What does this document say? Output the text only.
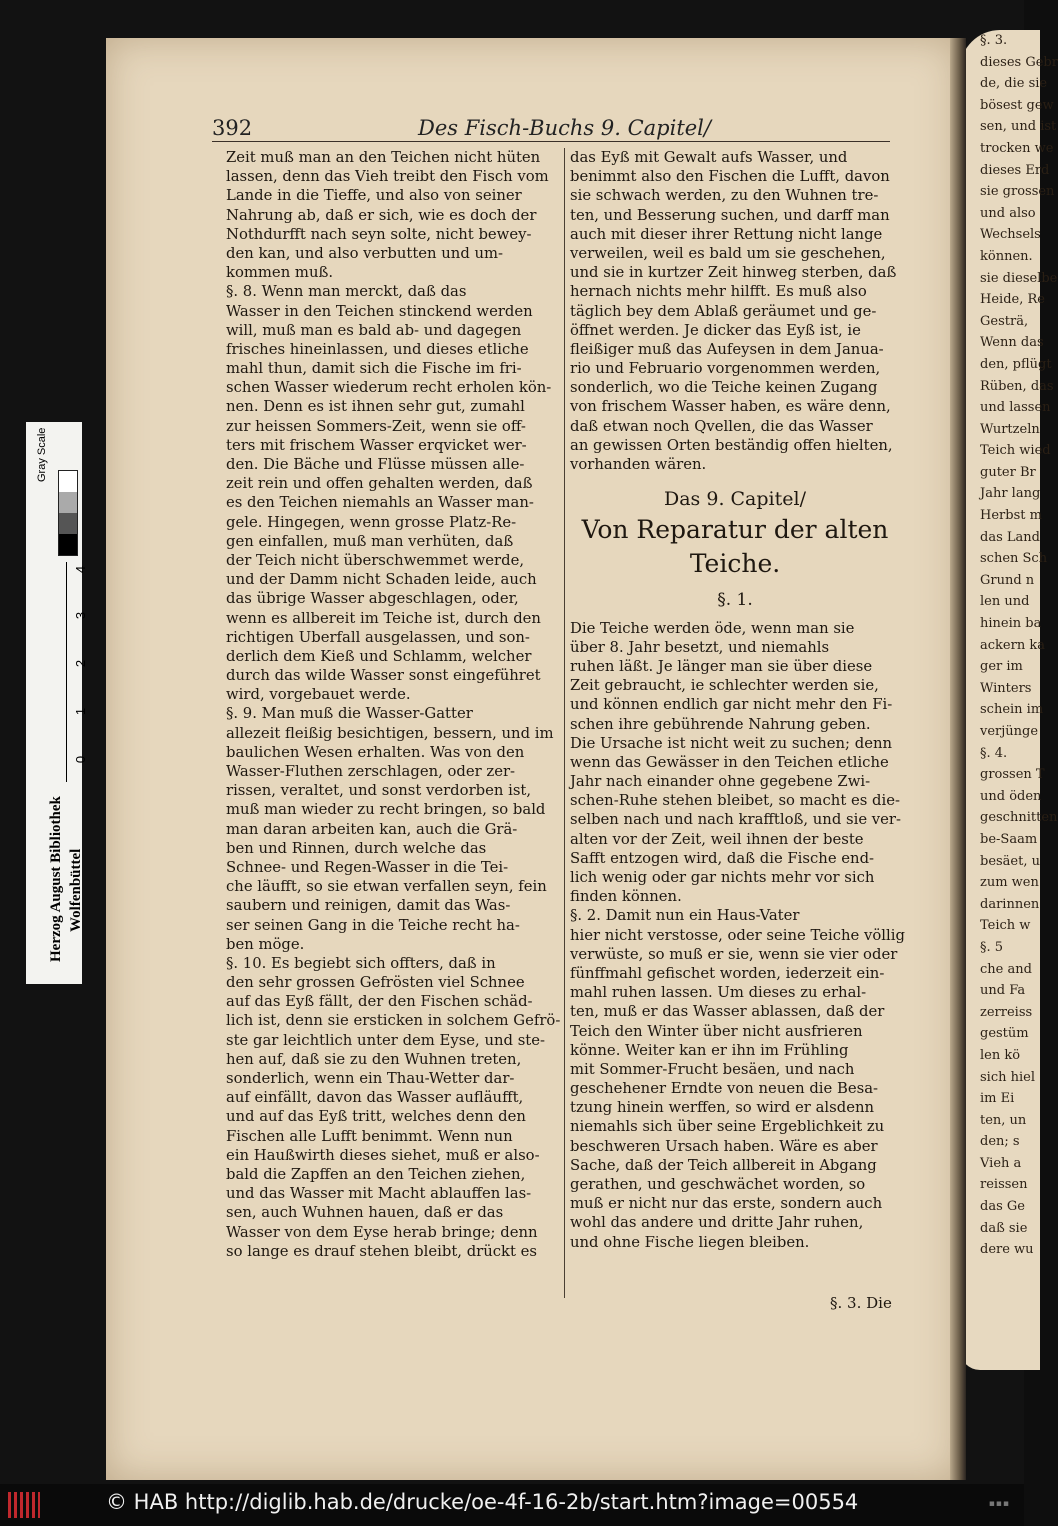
§. 3.
dieses Gebr
de, die sie
bösest gew
sen, und ist
trocken we
dieses Erd
sie grossen
und also
Wechsels
können.
sie dieselbe
Heide, Re
Gesträ,
Wenn das
den, pflügt
Rüben, das
und lassen
Wurtzeln
Teich wied
guter Br
Jahr lang
Herbst m
das Land
schen Sch
Grund n
len und
hinein ba
ackern ka
ger im
Winters
schein im
verjünge
§. 4.
grossen T
und öden
geschnitten
be-Saam
besäet, u
zum wen
darinnen
Teich w
§. 5
che and
und Fa
zerreiss
gestüm
len kö
sich hiel
im Ei
ten, un
den; s
Vieh a
reissen
das Ge
daß sie
dere wu
392	Des Fisch-Buchs 9. Capitel/
Zeit muß man an den Teichen nicht hüten
lassen, denn das Vieh treibt den Fisch vom
Lande in die Tieffe, und also von seiner
Nahrung ab, daß er sich, wie es doch der
Nothdurfft nach seyn solte, nicht bewey-
den kan, und also verbutten und um-
kommen muß.
§. 8. Wenn man merckt, daß das
Wasser in den Teichen stinckend werden
will, muß man es bald ab- und dagegen
frisches hineinlassen, und dieses etliche
mahl thun, damit sich die Fische im fri-
schen Wasser wiederum recht erholen kön-
nen. Denn es ist ihnen sehr gut, zumahl
zur heissen Sommers-Zeit, wenn sie off-
ters mit frischem Wasser erqvicket wer-
den. Die Bäche und Flüsse müssen alle-
zeit rein und offen gehalten werden, daß
es den Teichen niemahls an Wasser man-
gele. Hingegen, wenn grosse Platz-Re-
gen einfallen, muß man verhüten, daß
der Teich nicht überschwemmet werde,
und der Damm nicht Schaden leide, auch
das übrige Wasser abgeschlagen, oder,
wenn es allbereit im Teiche ist, durch den
richtigen Uberfall ausgelassen, und son-
derlich dem Kieß und Schlamm, welcher
durch das wilde Wasser sonst eingeführet
wird, vorgebauet werde.
§. 9. Man muß die Wasser-Gatter
allezeit fleißig besichtigen, bessern, und im
baulichen Wesen erhalten. Was von den
Wasser-Fluthen zerschlagen, oder zer-
rissen, veraltet, und sonst verdorben ist,
muß man wieder zu recht bringen, so bald
man daran arbeiten kan, auch die Grä-
ben und Rinnen, durch welche das
Schnee- und Regen-Wasser in die Tei-
che läufft, so sie etwan verfallen seyn, fein
saubern und reinigen, damit das Was-
ser seinen Gang in die Teiche recht ha-
ben möge.
§. 10. Es begiebt sich offters, daß in
den sehr grossen Gefrösten viel Schnee
auf das Eyß fällt, der den Fischen schäd-
lich ist, denn sie ersticken in solchem Gefrö-
ste gar leichtlich unter dem Eyse, und ste-
hen auf, daß sie zu den Wuhnen treten,
sonderlich, wenn ein Thau-Wetter dar-
auf einfällt, davon das Wasser aufläufft,
und auf das Eyß tritt, welches denn den
Fischen alle Lufft benimmt. Wenn nun
ein Haußwirth dieses siehet, muß er also-
bald die Zapffen an den Teichen ziehen,
und das Wasser mit Macht ablauffen las-
sen, auch Wuhnen hauen, daß er das
Wasser von dem Eyse herab bringe; denn
so lange es drauf stehen bleibt, drückt es
das Eyß mit Gewalt aufs Wasser, und
benimmt also den Fischen die Lufft, davon
sie schwach werden, zu den Wuhnen tre-
ten, und Besserung suchen, und darff man
auch mit dieser ihrer Rettung nicht lange
verweilen, weil es bald um sie geschehen,
und sie in kurtzer Zeit hinweg sterben, daß
hernach nichts mehr hilfft. Es muß also
täglich bey dem Ablaß geräumet und ge-
öffnet werden. Je dicker das Eyß ist, ie
fleißiger muß das Aufeysen in dem Janua-
rio und Februario vorgenommen werden,
sonderlich, wo die Teiche keinen Zugang
von frischem Wasser haben, es wäre denn,
daß etwan noch Qvellen, die das Wasser
an gewissen Orten beständig offen hielten,
vorhanden wären.
Das 9. Capitel/
Von Reparatur der alten
Teiche.
§. 1.
Die Teiche werden öde, wenn man sie
über 8. Jahr besetzt, und niemahls
ruhen läßt. Je länger man sie über diese
Zeit gebraucht, ie schlechter werden sie,
und können endlich gar nicht mehr den Fi-
schen ihre gebührende Nahrung geben.
Die Ursache ist nicht weit zu suchen; denn
wenn das Gewässer in den Teichen etliche
Jahr nach einander ohne gegebene Zwi-
schen-Ruhe stehen bleibet, so macht es die-
selben nach und nach krafftloß, und sie ver-
alten vor der Zeit, weil ihnen der beste
Safft entzogen wird, daß die Fische end-
lich wenig oder gar nichts mehr vor sich
finden können.
§. 2. Damit nun ein Haus-Vater
hier nicht verstosse, oder seine Teiche völlig
verwüste, so muß er sie, wenn sie vier oder
fünffmahl gefischet worden, iederzeit ein-
mahl ruhen lassen. Um dieses zu erhal-
ten, muß er das Wasser ablassen, daß der
Teich den Winter über nicht ausfrieren
könne. Weiter kan er ihn im Frühling
mit Sommer-Frucht besäen, und nach
geschehener Erndte von neuen die Besa-
tzung hinein werffen, so wird er alsdenn
niemahls sich über seine Ergeblichkeit zu
beschweren Ursach haben. Wäre es aber
Sache, daß der Teich allbereit in Abgang
gerathen, und geschwächet worden, so
muß er nicht nur das erste, sondern auch
wohl das andere und dritte Jahr ruhen,
und ohne Fische liegen bleiben.
§. 3. Die
Gray Scale
0
1
2
3
4
Herzog August Bibliothek Wolfenbüttel
© HAB http://diglib.hab.de/drucke/oe-4f-16-2b/start.htm?image=00554	▪▪▪
